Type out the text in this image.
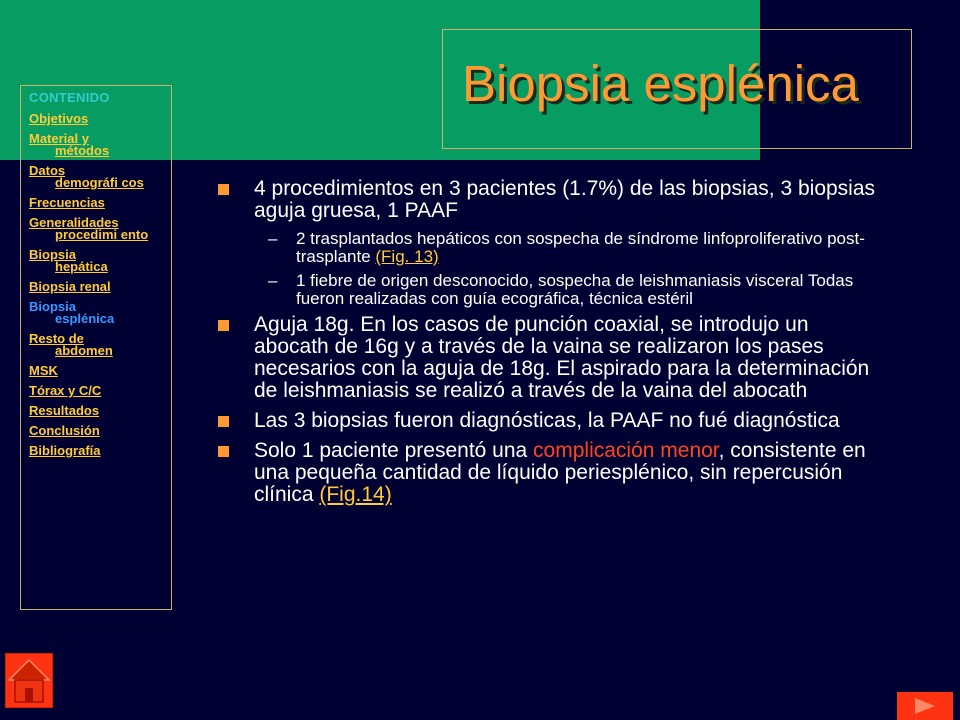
Biopsia esplénica
CONTENIDO
Objetivos
Material y
métodos
Datos
demográfi cos
Frecuencias
Generalidades
procedimi ento
Biopsia
hepática
Biopsia renal
Biopsia
esplénica
Resto de
abdomen
MSK
Tórax y C/C
Resultados
Conclusión
Bibliografía

4 procedimientos en 3 pacientes (1.7%) de las biopsias, 3 biopsias aguja gruesa, 1 PAAF

– 2 trasplantados hepáticos con sospecha de síndrome linfoproliferativo post-trasplante (Fig. 13)

– 1 fiebre de origen desconocido, sospecha de leishmaniasis visceral Todas fueron realizadas con guía ecográfica, técnica estéril

Aguja 18g. En los casos de punción coaxial, se introdujo un abocath de 16g y a través de la vaina se realizaron los pases necesarios con la aguja de 18g. El aspirado para la determinación de leishmaniasis se realizó a través de la vaina del abocath

Las 3 biopsias fueron diagnósticas, la PAAF no fué diagnóstica

Solo 1 paciente presentó una complicación menor, consistente en una pequeña cantidad de líquido periesplénico, sin repercusión clínica (Fig.14)
